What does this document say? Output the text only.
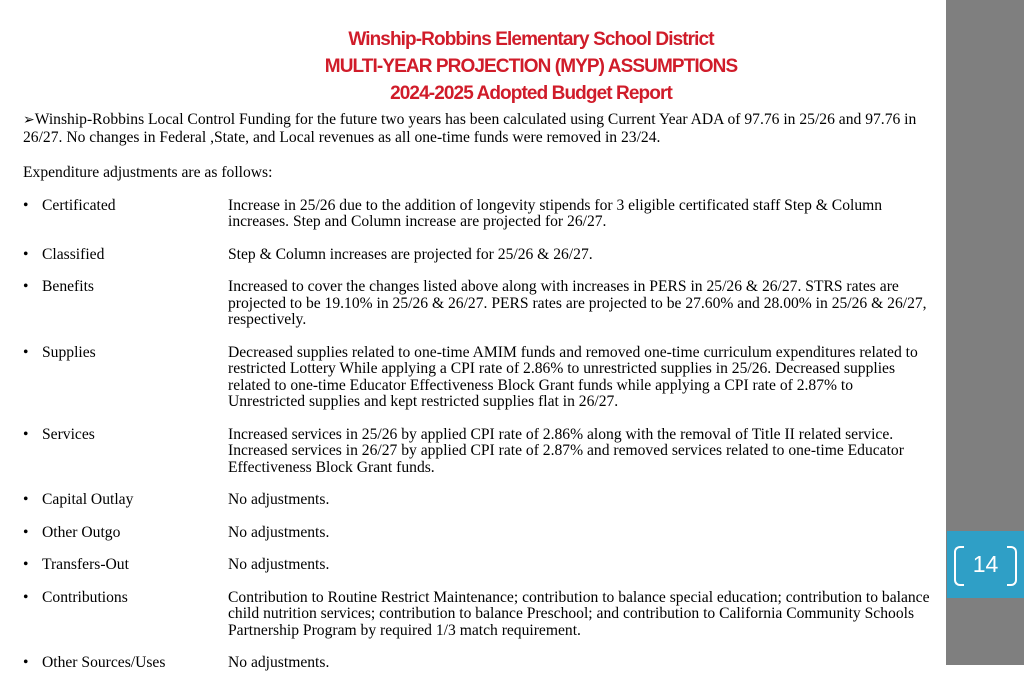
14
Winship-Robbins Elementary School District
MULTI-YEAR PROJECTION (MYP) ASSUMPTIONS
2024-2025 Adopted Budget Report

➢Winship-Robbins Local Control Funding for the future two years has been calculated using Current Year ADA of 97.76 in 25/26 and 97.76 in 26/27. No changes in Federal ,State, and Local revenues as all one-time funds were removed in 23/24.

Expenditure adjustments are as follows:

• Certificated	Increase in 25/26 due to the addition of longevity stipends for 3 eligible certificated staff Step & Column increases. Step and Column increase are projected for 26/27.
• Classified	Step & Column increases are projected for 25/26 & 26/27.
• Benefits	Increased to cover the changes listed above along with increases in PERS in 25/26 & 26/27. STRS rates are projected to be 19.10% in 25/26 & 26/27. PERS rates are projected to be 27.60% and 28.00% in 25/26 & 26/27, respectively.
• Supplies	Decreased supplies related to one-time AMIM funds and removed one-time curriculum expenditures related to restricted Lottery While applying a CPI rate of 2.86% to unrestricted supplies in 25/26. Decreased supplies related to one-time Educator Effectiveness Block Grant funds while applying a CPI rate of 2.87% to Unrestricted supplies and kept restricted supplies flat in 26/27.
• Services	Increased services in 25/26 by applied CPI rate of 2.86% along with the removal of Title II related service. Increased services in 26/27 by applied CPI rate of 2.87% and removed services related to one-time Educator Effectiveness Block Grant funds.
• Capital Outlay	No adjustments.
• Other Outgo	No adjustments.
• Transfers-Out	No adjustments.
• Contributions	Contribution to Routine Restrict Maintenance; contribution to balance special education; contribution to balance child nutrition services; contribution to balance Preschool; and contribution to California Community Schools Partnership Program by required 1/3 match requirement.
• Other Sources/Uses	No adjustments.
